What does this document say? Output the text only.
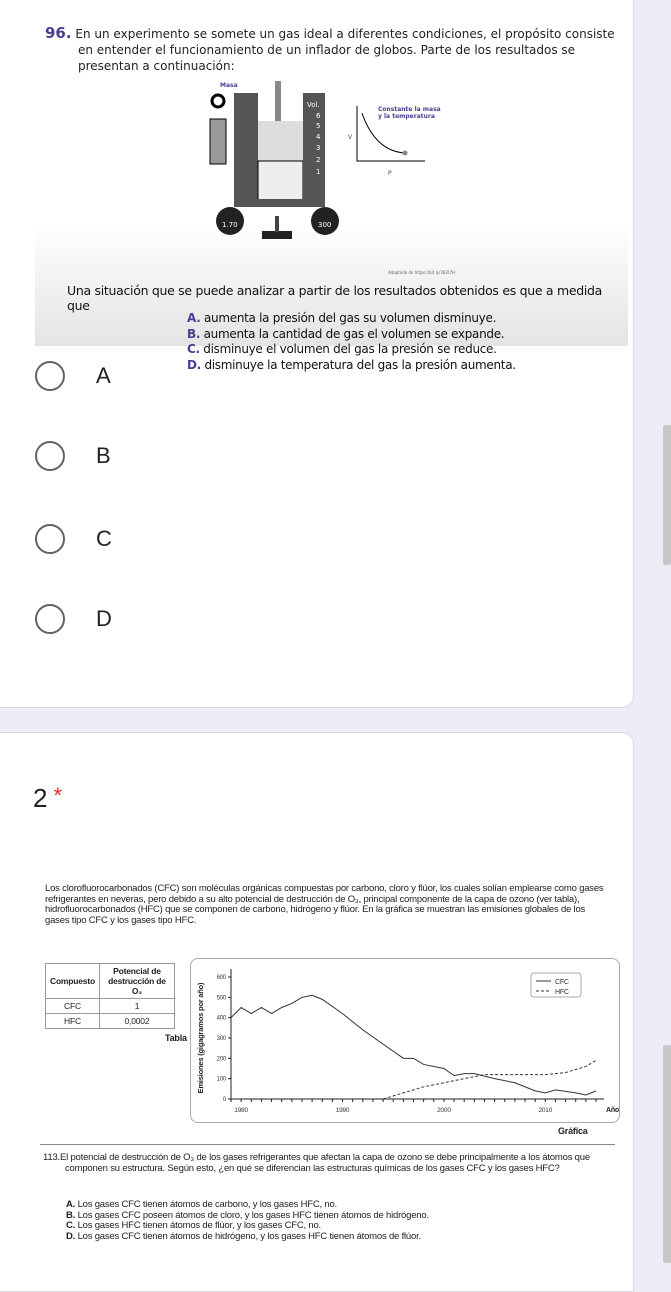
96. En un experimento se somete un gas ideal a diferentes condiciones, el propósito consiste en entender el funcionamiento de un inflador de globos. Parte de los resultados se presentan a continuación:
Masa
Vol.
6
5
4
3
2
1
1.70	300
Constante la masa
y la temperatura
V
P
Adaptado de https://bit.ly/382t7H
Una situación que se puede analizar a partir de los resultados obtenidos es que a medida que
A. aumenta la presión del gas su volumen disminuye.
B. aumenta la cantidad de gas el volumen se expande.
C. disminuye el volumen del gas la presión se reduce.
D. disminuye la temperatura del gas la presión aumenta.
A
B
C
D
2 *
Los clorofluorocarbonados (CFC) son moléculas orgánicas compuestas por carbono, cloro y flúor, los cuales solían emplearse como gases refrigerantes en neveras, pero debido a su alto potencial de destrucción de O₃, principal componente de la capa de ozono (ver tabla), hidrofluorocarbonados (HFC) que se componen de carbono, hidrógeno y flúor. En la gráfica se muestran las emisiones globales de los gases tipo CFC y los gases tipo HFC.
Compuesto	Potencial de destrucción de O₃
CFC	1
HFC	0,0002
Tabla
0
100
200
300
400
500
600
1980	1990	2000	2010	Año
Emisiones (gigagramos por año)
CFC
HFC
Gráfica
113.El potencial de destrucción de O₃ de los gases refrigerantes que afectan la capa de ozono se debe principalmente a los átomos que componen su estructura. Según esto, ¿en qué se diferencian las estructuras químicas de los gases CFC y los gases HFC?
A. Los gases CFC tienen átomos de carbono, y los gases HFC, no.
B. Los gases CFC poseen átomos de cloro, y los gases HFC tienen átomos de hidrógeno.
C. Los gases HFC tienen átomos de flúor, y los gases CFC, no.
D. Los gases CFC tienen átomos de hidrógeno, y los gases HFC tienen átomos de flúor.
